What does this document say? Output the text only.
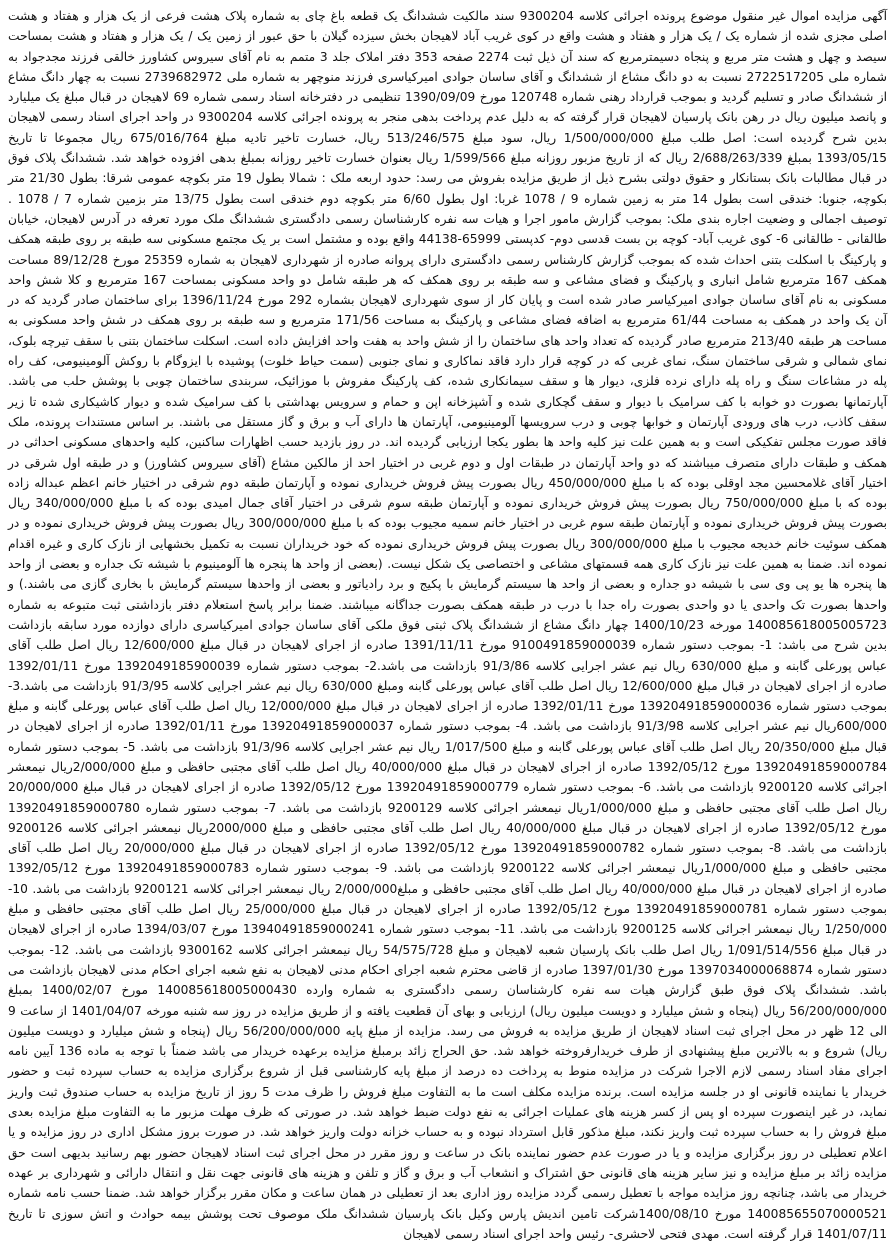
آگهی مزایده اموال غیر منقول موضوع پرونده اجرائی کلاسه 9300204 سند مالکیت ششدانگ یک قطعه باغ چای به شماره پلاک هشت فرعی از یک هزار و هفتاد و هشت اصلی مجزی شده از شماره یک / یک هزار و هفتاد و هشت واقع در کوی غریب آباد لاهیجان بخش سیزده گیلان با حق عبور از زمین یک / یک هزار و هفتاد و هشت بمساحت سیصد و چهل و هشت متر مربع و پنجاه دسیمترمربع که سند آن ذیل ثبت 2274 صفحه 353 دفتر املاک جلد 3 متمم به نام آقای سیروس کشاورز خالقی فرزند مجدجواد به شماره ملی 2722517205 نسبت به دو دانگ مشاع از ششدانگ و آقای ساسان جوادی امیرکیاسری فرزند منوچهر به شماره ملی 2739682972 نسبت به چهار دانگ مشاع از ششدانگ صادر و تسلیم گردید و بموجب قرارداد رهنی شماره 120748 مورخ 1390/09/09 تنظیمی در دفترخانه اسناد رسمی شماره 69 لاهیجان در قبال مبلغ یک میلیارد و پانصد میلیون ریال در رهن بانک پارسیان لاهیجان قرار گرفته که به دلیل عدم پرداخت بدهی منجر به پرونده اجرائی کلاسه 9300204 در واحد اجرای اسناد رسمی لاهیجان بدین شرح گردیده است: اصل طلب مبلغ 1/500/000/000 ریال، سود مبلغ 513/246/575 ریال، خسارت تاخیر تادیه مبلغ 675/016/764 ریال مجموعا تا تاریخ 1393/05/15 بمبلغ 2/688/263/339 ریال که از تاریخ مزبور روزانه مبلغ 1/599/566 ریال بعنوان خسارت تاخیر روزانه بمبلغ بدهی افزوده خواهد شد. ششدانگ پلاک فوق در قبال مطالبات بانک بستانکار و حقوق دولتی بشرح ذیل از طریق مزایده بفروش می رسد: حدود اربعه ملک : شمالا بطول 19 متر بکوچه عمومی شرقا: بطول 21/30 متر بکوچه، جنوبا: خندقی است بطول 14 متر به زمین شماره 9 / 1078 غربا: اول بطول 6/60 متر بکوچه دوم خندقی است بطول 13/75 متر بزمین شماره 7 / 1078 . توصیف اجمالی و وضعیت اجاره بندی ملک: بموجب گزارش مامور اجرا و هیات سه نفره کارشناسان رسمی دادگستری ششدانگ ملک مورد تعرفه در آدرس لاهیجان، خیابان طالقانی - طالقانی 6- کوی غریب آباد- کوچه بن بست قدسی دوم- کدپستی 65999-44138 واقع بوده و مشتمل است بر یک مجتمع مسکونی سه طبقه بر روی طبقه همکف و پارکینگ با اسکلت بتنی احداث شده که بموجب گزارش کارشناس رسمی دادگستری دارای پروانه صادره از شهرداری لاهیجان به شماره 25359 مورخ 89/12/28 مساحت همکف 167 مترمربع شامل انباری و پارکینگ و فضای مشاعی و سه طبقه بر روی همکف که هر طبقه شامل دو واحد مسکونی بمساحت 167 مترمربع و کلا شش واحد مسکونی به نام آقای ساسان جوادی امیرکیاسر صادر شده است و پایان کار از سوی شهرداری لاهیجان بشماره 292 مورخ 1396/11/24 برای ساختمان صادر گردید که در آن یک واحد در همکف به مساحت 61/44 مترمربع به اضافه فضای مشاعی و پارکینگ به مساحت 171/56 مترمربع و سه طبقه بر روی همکف در شش واحد مسکونی به مساحت هر طبقه 213/40 مترمربع صادر گردیده که تعداد واحد های ساختمان را از شش واحد به هفت واحد افزایش داده است. اسکلت ساختمان بتنی با سقف تیرچه بلوک، نمای شمالی و شرقی ساختمان سنگ، نمای غربی که در کوچه قرار دارد فاقد نماکاری و نمای جنوبی (سمت حیاط خلوت) پوشیده با ایزوگام با روکش آلومینیومی، کف راه پله در مشاعات سنگ و راه پله دارای نرده فلزی، دیوار ها و سقف سیمانکاری شده، کف پارکینگ مفروش با موزائیک، سربندی ساختمان چوبی با پوشش حلب می باشد. آپارتمانها بصورت دو خوابه با کف سرامیک با دیوار و سقف گچکاری شده و آشپزخانه اپن و حمام و سرویس بهداشتی با کف سرامیک شده و دیوار کاشیکاری شده تا زیر سقف کاذب، درب های ورودی آپارتمان و خوابها چوبی و درب سرویسها آلومینیومی، آپارتمان ها دارای آب و برق و گاز مستقل می باشند. بر اساس مستندات پرونده، ملک فاقد صورت مجلس تفکیکی است و به همین علت نیز کلیه واحد ها بطور یکجا ارزیابی گردیده اند. در روز بازدید حسب اظهارات ساکنین، کلیه واحدهای مسکونی احداثی در همکف و طبقات دارای متصرف میباشند که دو واحد آپارتمان در طبقات اول و دوم غربی در اختیار احد از مالکین مشاع (آقای سیروس کشاورز) و در طبقه اول شرقی در اختیار آقای غلامحسین مجد اوقلی بوده که با مبلغ 450/000/000 ریال بصورت پیش فروش خریداری نموده و آپارتمان طبقه دوم شرقی در اختیار خانم اعظم عبداله زاده بوده که با مبلغ 750/000/000 ریال بصورت پیش فروش خریداری نموده و آپارتمان طبقه سوم شرقی در اختیار آقای جمال امیدی بوده که با مبلغ 340/000/000 ریال بصورت پیش فروش خریداری نموده و آپارتمان طبقه سوم غربی در اختیار خانم سمیه مجیوب بوده که با مبلغ 300/000/000 ریال بصورت پیش فروش خریداری نموده و در همکف سوئیت خانم خدیجه مجیوب با مبلغ 300/000/000 ریال بصورت پیش فروش خریداری نموده که خود خریداران نسبت به تکمیل بخشهایی از نازک کاری و غیره اقدام نموده اند. ضمنا به همین علت نیز نازک کاری همه قسمتهای مشاعی و اختصاصی یک شکل نیست. (بعضی از واحد ها پنجره ها آلومینیوم با شیشه تک جداره و بعضی از واحد ها پنجره ها یو پی وی سی با شیشه دو جداره و بعضی از واحد ها سیستم گرمایش با پکیج و برد رادیاتور و بعضی از واحدها سیستم گرمایش با بخاری گازی می باشند.) و واحدها بصورت تک واحدی یا دو واحدی بصورت راه جدا با درب در طبقه همکف بصورت جداگانه میباشند. ضمنا برابر پاسخ استعلام دفتر بازداشتی ثبت متبوعه به شماره 140085618005005723 مورخه 1400/10/23 چهار دانگ مشاع از ششدانگ پلاک ثبتی فوق ملکی آقای ساسان جوادی امیرکیاسری دارای دوازده مورد سابقه بازداشت بدین شرح می باشد: 1- بموجب دستور شماره 9100491859000039 مورخ 1391/11/11 صادره از اجرای لاهیجان در قبال مبلغ 12/600/000 ریال اصل طلب آقای عباس پورعلی گابنه و مبلغ 630/000 ریال نیم عشر اجرایی کلاسه 91/3/86 بازداشت می باشد.2- بموجب دستور شماره 1392049185900039 مورخ 1392/01/11 صادره از اجرای لاهیجان در قبال مبلغ 12/600/000 ریال اصل طلب آقای عباس پورعلی گابنه ومبلغ 630/000 ریال نیم عشر اجرایی کلاسه 91/3/95 بازداشت می باشد.3- بموجب دستور شماره 13920491859000036 مورخ 1392/01/11 صادره از اجرای لاهیجان در قبال مبلغ 12/000/000 ریال اصل طلب آقای عباس پورعلی گابنه و مبلغ 600/000ریال نیم عشر اجرایی کلاسه 91/3/98 بازداشت می باشد. 4- بموجب دستور شماره 13920491859000037 مورخ 1392/01/11 صادره از اجرای لاهیجان در قبال مبلغ 20/350/000 ریال اصل طلب آقای عباس پورعلی گابنه و مبلغ 1/017/500 ریال نیم عشر اجرایی کلاسه 91/3/96 بازداشت می باشد. 5- بموجب دستور شماره 13920491859000784 مورخ 1392/05/12 صادره از اجرای لاهیجان در قبال مبلغ 40/000/000 ریال اصل طلب آقای مجتبی حافظی و مبلغ 2/000/000ریال نیمعشر اجرائی کلاسه 9200120 بازداشت می باشد. 6- بموجب دستور شماره 13920491859000779 مورخ 1392/05/12 صادره از اجرای لاهیجان در قبال مبلغ 20/000/000 ریال اصل طلب آقای مجتبی حافظی و مبلغ 1/000/000ریال نیمعشر اجرائی کلاسه 9200129 بازداشت می باشد. 7- بموجب دستور شماره 13920491859000780 مورخ 1392/05/12 صادره از اجرای لاهیجان در قبال مبلغ 40/000/000 ریال اصل طلب آقای مجتبی حافظی و مبلغ 2000/000ریال نیمعشر اجرائی کلاسه 9200126 بازداشت می باشد. 8- بموجب دستور شماره 13920491859000782 مورخ 1392/05/12 صادره از اجرای لاهیجان در قبال مبلغ 20/000/000 ریال اصل طلب آقای مجتبی حافظی و مبلغ 1/000/000ریال نیمعشر اجرائی کلاسه 9200122 بازداشت می باشد. 9- بموجب دستور شماره 13920491859000783 مورخ 1392/05/12 صادره از اجرای لاهیجان در قبال مبلغ 40/000/000 ریال اصل طلب آقای مجتبی حافظی و مبلغ2/000/000 ریال نیمعشر اجرائی کلاسه 9200121 بازداشت می باشد. 10- بموجب دستور شماره 13920491859000781 مورخ 1392/05/12 صادره از اجرای لاهیجان در قبال مبلغ 25/000/000 ریال اصل طلب آقای مجتبی حافظی و مبلغ 1/250/000 ریال نیمعشر اجرائی کلاسه 9200125 بازداشت می باشد. 11- بموجب دستور شماره 13940491859000241 مورخ 1394/03/07 صادره از اجرای لاهیجان در قبال مبلغ 1/091/514/556 ریال اصل طلب بانک پارسیان شعبه لاهیجان و مبلغ 54/575/728 ریال نیمعشر اجرائی کلاسه 9300162 بازداشت می باشد. 12- بموجب دستور شماره 1397034000068874 مورخ 1397/01/30 صادره از قاضی محترم شعبه اجرای احکام مدنی لاهیجان به نفع شعبه اجرای احکام مدنی لاهیجان بازداشت می باشد. ششدانگ پلاک فوق طبق گزارش هیات سه نفره کارشناسان رسمی دادگستری به شماره وارده 140085618005000430 مورخ 1400/02/07 بمبلغ 56/200/000/000 ریال (پنجاه و شش میلیارد و دویست میلیون ریال) ارزیابی و بهای آن قطعیت یافته و از طریق مزایده در روز سه شنبه مورخه 1401/04/07 از ساعت 9 الی 12 ظهر در محل اجرای ثبت اسناد لاهیجان از طریق مزایده به فروش می رسد. مزایده از مبلغ پایه 56/200/000/000 ریال (پنجاه و شش میلیارد و دویست میلیون ریال) شروع و به بالاترین مبلغ پیشنهادی از طرف خریدارفروخته خواهد شد. حق الحراج زائد برمبلغ مزایده برعهده خریدار می باشد ضمناً با توجه به ماده 136 آیین نامه اجرای مفاد اسناد رسمی لازم الاجرا شرکت در مزایده منوط به پرداخت ده درصد از مبلغ پایه کارشناسی قبل از شروع برگزاری مزایده به حساب سپرده ثبت و حضور خریدار یا نماینده قانونی او در جلسه مزایده است. برنده مزایده مکلف است ما به التفاوت مبلغ فروش را ظرف مدت 5 روز از تاریخ مزایده به حساب صندوق ثبت واریز نماید، در غیر اینصورت سپرده او پس از کسر هزینه های عملیات اجرائی به نفع دولت ضبط خواهد شد. در صورتی که ظرف مهلت مزبور ما به التفاوت مبلغ مزایده بعدی مبلغ فروش را به حساب سپرده ثبت واریز نکند، مبلغ مذکور قابل استرداد نبوده و به حساب خزانه دولت واریز خواهد شد. در صورت بروز مشکل اداری در روز مزایده و یا اعلام تعطیلی در روز برگزاری مزایده و یا در صورت عدم حضور نماینده بانک در ساعت و روز مقرر در محل اجرای ثبت اسناد لاهیجان حضور بهم رسانید بدیهی است حق مزایده زائد بر مبلغ مزایده و نیز سایر هزینه های قانونی حق اشتراک و انشعاب آب و برق و گاز و تلفن و هزینه های قانونی جهت نقل و انتقال دارائی و شهرداری بر عهده خریدار می باشد، چنانچه روز مزایده مواجه با تعطیل رسمی گردد مزایده روز اداری بعد از تعطیلی در همان ساعت و مکان مقرر برگزار خواهد شد. ضمنا حسب نامه شماره 140085655070000521 مورخ 1400/08/10شرکت تامین اندیش پارس وکیل بانک پارسیان ششدانگ ملک موصوف تحت پوشش بیمه حوادث و اتش سوزی تا تاریخ 1401/07/11 قرار گرفته است. مهدی فتحی لاحشری- رئیس واحد اجرای اسناد رسمی لاهیجان
